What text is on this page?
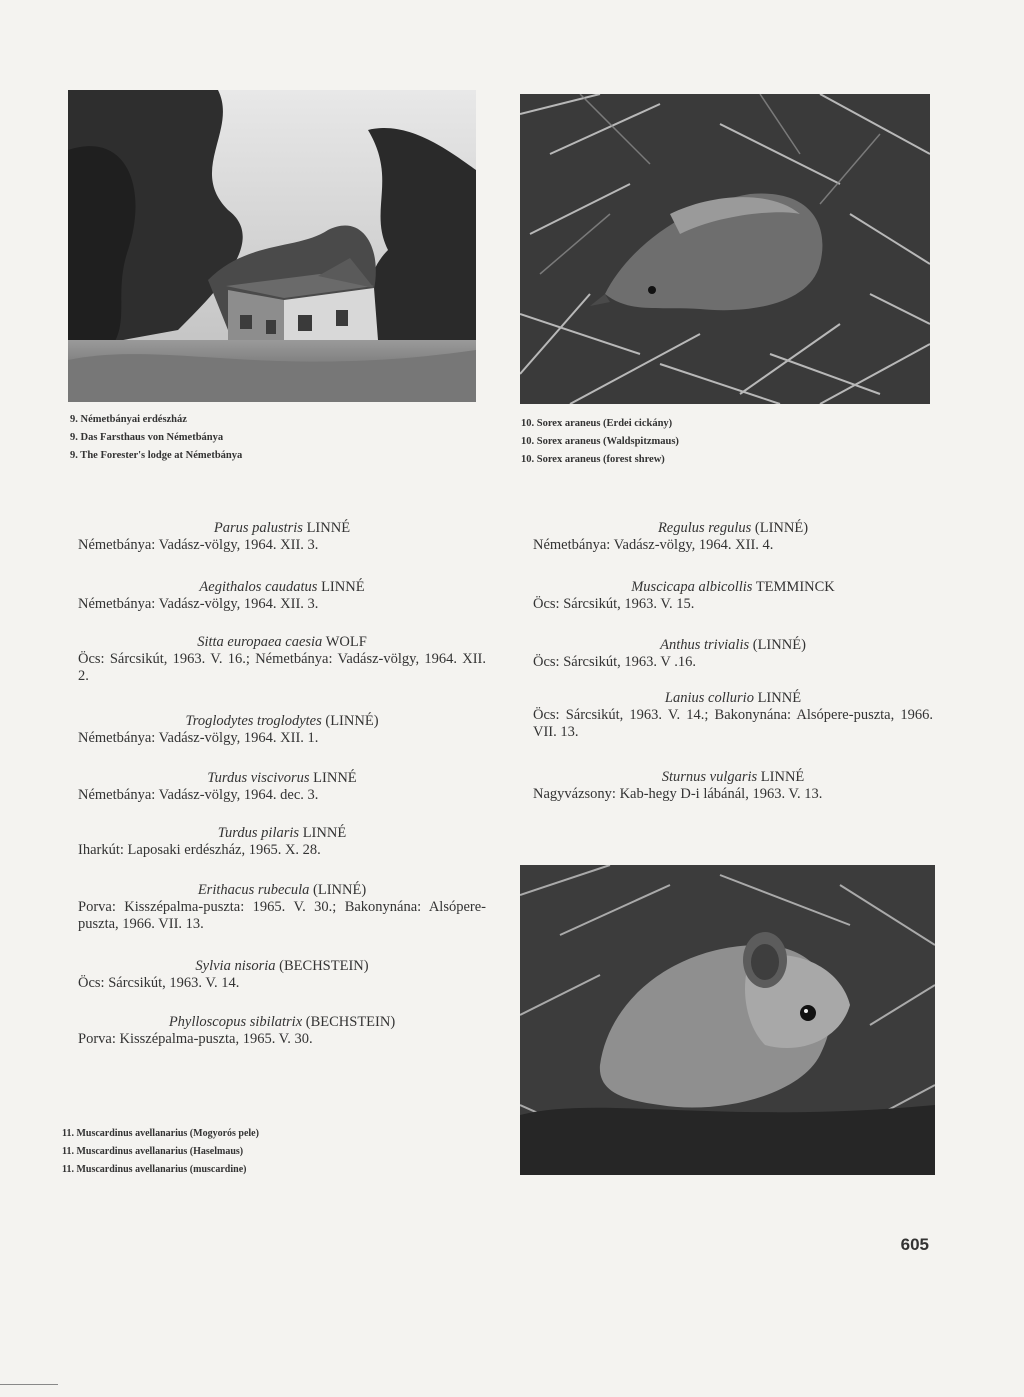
9. Németbányai erdészház
9. Das Farsthaus von Németbánya
9. The Forester's lodge at Németbánya
10. Sorex araneus (Erdei cickány)
10. Sorex araneus (Waldspitzmaus)
10. Sorex araneus (forest shrew)
Parus palustris LINNÉ
Németbánya: Vadász-völgy, 1964. XII. 3.
Aegithalos caudatus LINNÉ
Németbánya: Vadász-völgy, 1964. XII. 3.
Sitta europaea caesia WOLF
Öcs: Sárcsikút, 1963. V. 16.; Németbánya: Vadász-völgy, 1964. XII. 2.
Troglodytes troglodytes (LINNÉ)
Németbánya: Vadász-völgy, 1964. XII. 1.
Turdus viscivorus LINNÉ
Németbánya: Vadász-völgy, 1964. dec. 3.
Turdus pilaris LINNÉ
Iharkút: Laposaki erdészház, 1965. X. 28.
Erithacus rubecula (LINNÉ)
Porva: Kisszépalma-puszta: 1965. V. 30.; Bakonynána: Alsópere-puszta, 1966. VII. 13.
Sylvia nisoria (BECHSTEIN)
Öcs: Sárcsikút, 1963. V. 14.
Phylloscopus sibilatrix (BECHSTEIN)
Porva: Kisszépalma-puszta, 1965. V. 30.
Regulus regulus (LINNÉ)
Németbánya: Vadász-völgy, 1964. XII. 4.
Muscicapa albicollis TEMMINCK
Öcs: Sárcsikút, 1963. V. 15.
Anthus trivialis (LINNÉ)
Öcs: Sárcsikút, 1963. V .16.
Lanius collurio LINNÉ
Öcs: Sárcsikút, 1963. V. 14.; Bakonynána: Alsópere-puszta, 1966. VII. 13.
Sturnus vulgaris LINNÉ
Nagyvázsony: Kab-hegy D-i lábánál, 1963. V. 13.
11. Muscardinus avellanarius (Mogyorós pele)
11. Muscardinus avellanarius (Haselmaus)
11. Muscardinus avellanarius (muscardine)
605
